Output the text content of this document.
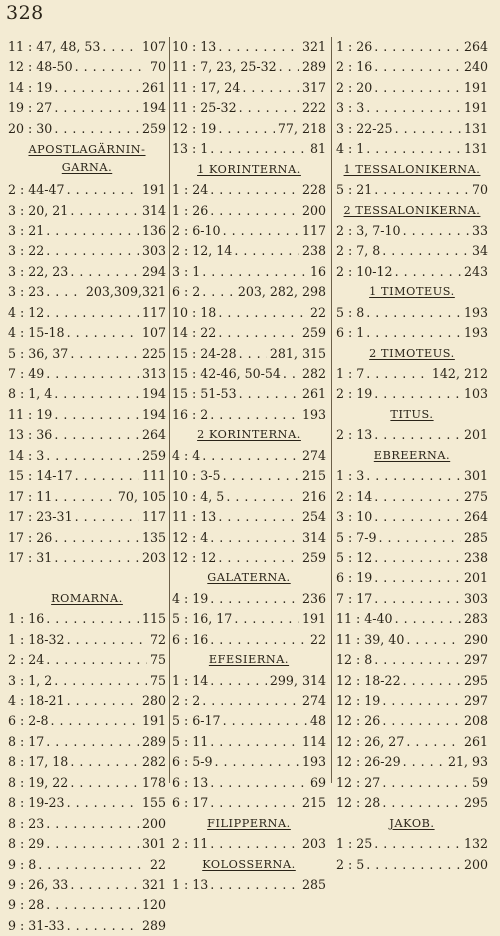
328
11 : 47, 48, 53 . . .	107
12 : 48-50 . . .	70
14 : 19 . . .	261
19 : 27 . . .	194
20 : 30 . . .	259
APOSTLAGÄRNIN-GARNA.
2 : 44-47 . . .	191
3 : 20, 21 . . .	314
3 : 21 . . .	136
3 : 22 . . .	303
3 : 22, 23 . . .	294
3 : 23 . . .	203,309,321
4 : 12 . . .	117
4 : 15-18 . . .	107
5 : 36, 37 . . .	225
7 : 49 . . .	313
8 : 1, 4 . . .	194
11 : 19 . . .	194
13 : 36 . . .	264
14 : 3 . . .	259
15 : 14-17 . . .	111
17 : 11 . . .	70, 105
17 : 23-31 . . .	117
17 : 26 . . .	135
17 : 31 . . .	203
ROMARNA.
1 : 16 . . .	115
1 : 18-32 . . .	72
2 : 24 . . .	75
3 : 1, 2 . . .	75
4 : 18-21 . . .	280
6 : 2-8 . . .	191
8 : 17 . . .	289
8 : 17, 18 . . .	282
8 : 19, 22 . . .	178
8 : 19-23 . . .	155
8 : 23 . . .	200
8 : 29 . . .	301
9 : 8 . . .	22
9 : 26, 33 . . .	321
9 : 28 . . .	120
9 : 31-33 . . .	289
10 : 13 . . .	321
11 : 7, 23, 25-32 . . . 289
11 : 17, 24 . . .	317
11 : 25-32 . . .	222
12 : 19 . . .	77, 218
13 : 1 . . .	81
1 KORINTERNA.
1 : 24 . . .	228
1 : 26 . . .	200
2 : 6-10 . . .	117
2 : 12, 14 . . .	238
3 : 1 . . .	16
6 : 2 . . .	203, 282, 298
10 : 18 . . .	22
14 : 22 . . .	259
15 : 24-28 . . .	281, 315
15 : 42-46, 50-54 . . . 282
15 : 51-53 . . .	261
16 : 2 . . .	193
2 KORINTERNA.
4 : 4 . . .	274
10 : 3-5 . . .	215
10 : 4, 5 . . .	216
11 : 13 . . .	254
12 : 4 . . .	314
12 : 12 . . .	259
GALATERNA.
4 : 19 . . .	236
5 : 16, 17 . . .	191
6 : 16 . . .	22
EFESIERNA.
1 : 14 . . .	299, 314
2 : 2 . . .	274
5 : 6-17 . . .	48
5 : 11 . . .	114
6 : 5-9 . . .	193
6 : 13 . . .	69
6 : 17 . . .	215
FILIPPERNA.
2 : 11 . . .	203
KOLOSSERNA.
1 : 13 . . .	285
1 : 26 . . .	264
2 : 16 . . .	240
2 : 20 . . .	191
3 : 3 . . .	191
3 : 22-25 . . .	131
4 : 1 . . .	131
1 TESSALONIKERNA.
5 : 21 . . .	70
2 TESSALONIKERNA.
2 : 3, 7-10 . . .	33
2 : 7, 8 . . .	34
2 : 10-12 . . .	243
1 TIMOTEUS.
5 : 8 . . .	193
6 : 1 . . .	193
2 TIMOTEUS.
1 : 7 . . .	142, 212
2 : 19 . . .	103
TITUS.
2 : 13 . . .	201
EBREERNA.
1 : 3 . . .	301
2 : 14 . . .	275
3 : 10 . . .	264
5 : 7-9 . . .	285
5 : 12 . . .	238
6 : 19 . . .	201
7 : 17 . . .	303
11 : 4-40 . . .	283
11 : 39, 40 . . .	290
12 : 8 . . .	297
12 : 18-22 . . .	295
12 : 19 . . .	297
12 : 26 . . .	208
12 : 26, 27 . . .	261
12 : 26-29 . . .	21, 93
12 : 27 . . .	59
12 : 28 . . .	295
JAKOB.
1 : 25 . . .	132
2 : 5 . . .	200
